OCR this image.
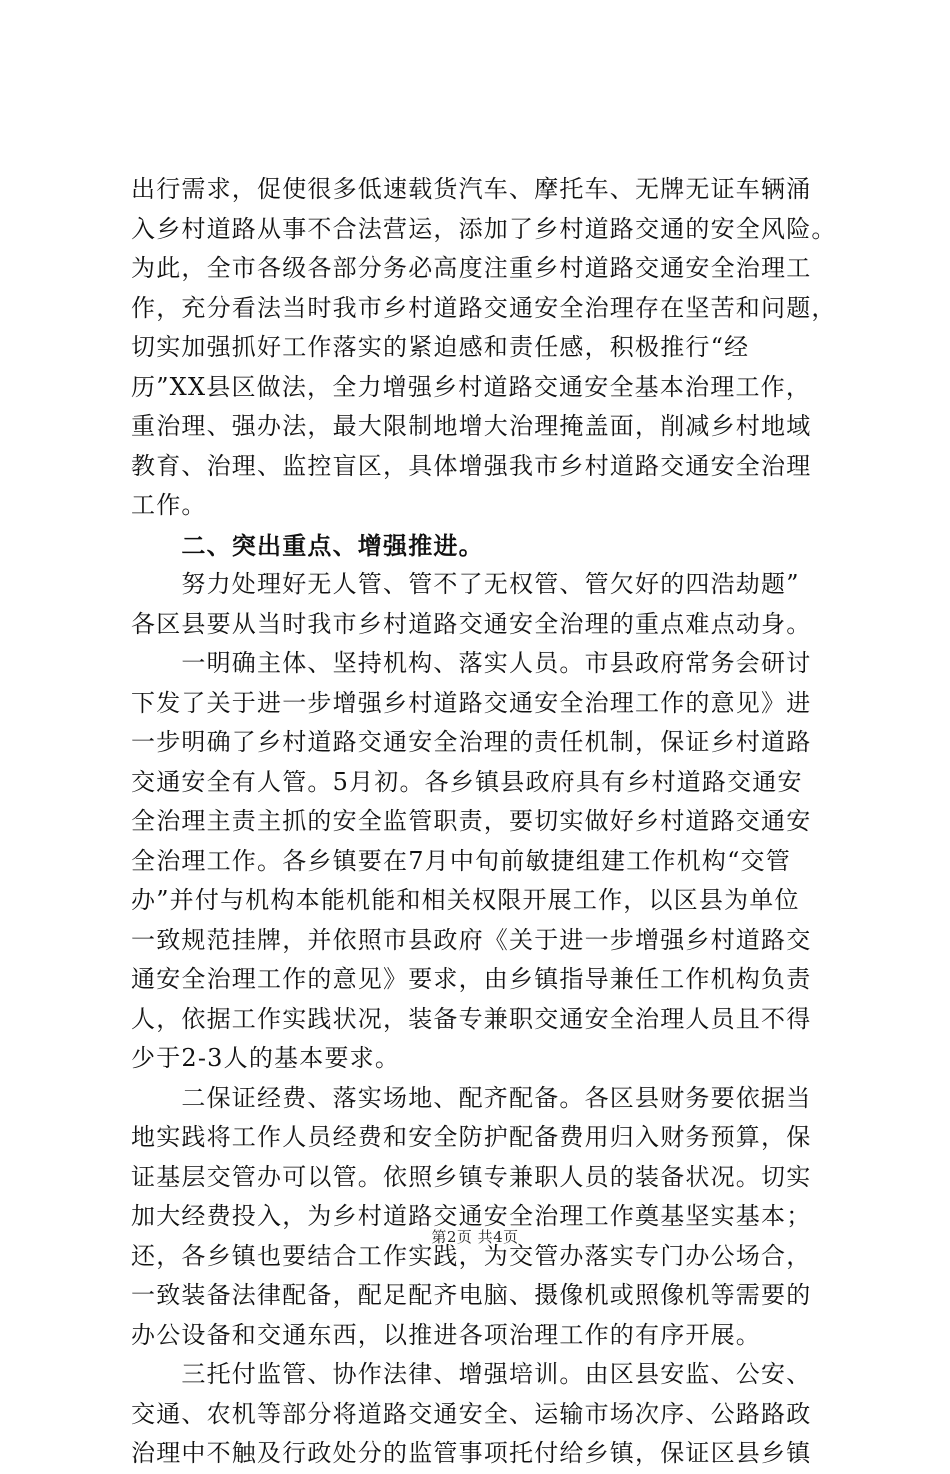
出行需求，促使很多低速载货汽车、摩托车、无牌无证车辆涌
入乡村道路从事不合法营运，添加了乡村道路交通的安全风险。
为此，全市各级各部分务必高度注重乡村道路交通安全治理工
作，充分看法当时我市乡村道路交通安全治理存在坚苦和问题，
切实加强抓好工作落实的紧迫感和责任感，积极推行“经
历”XX县区做法，全力增强乡村道路交通安全基本治理工作，
重治理、强办法，最大限制地增大治理掩盖面，削减乡村地域
教育、治理、监控盲区，具体增强我市乡村道路交通安全治理
工作。
　　二、突出重点、增强推进。
　　努力处理好无人管、管不了无权管、管欠好的四浩劫题”
各区县要从当时我市乡村道路交通安全治理的重点难点动身。
　　一明确主体、坚持机构、落实人员。市县政府常务会研讨
下发了关于进一步增强乡村道路交通安全治理工作的意见》进
一步明确了乡村道路交通安全治理的责任机制，保证乡村道路
交通安全有人管。5月初。各乡镇县政府具有乡村道路交通安
全治理主责主抓的安全监管职责，要切实做好乡村道路交通安
全治理工作。各乡镇要在7月中旬前敏捷组建工作机构“交管
办”并付与机构本能机能和相关权限开展工作，以区县为单位
一致规范挂牌，并依照市县政府《关于进一步增强乡村道路交
通安全治理工作的意见》要求，由乡镇指导兼任工作机构负责
人，依据工作实践状况，装备专兼职交通安全治理人员且不得
少于2-3人的基本要求。
　　二保证经费、落实场地、配齐配备。各区县财务要依据当
地实践将工作人员经费和安全防护配备费用归入财务预算，保
证基层交管办可以管。依照乡镇专兼职人员的装备状况。切实
加大经费投入，为乡村道路交通安全治理工作奠基坚实基本；
还，各乡镇也要结合工作实践，为交管办落实专门办公场合，
一致装备法律配备，配足配齐电脑、摄像机或照像机等需要的
办公设备和交通东西，以推进各项治理工作的有序开展。
　　三托付监管、协作法律、增强培训。由区县安监、公安、
交通、农机等部分将道路交通安全、运输市场次序、公路路政
治理中不触及行政处分的监管事项托付给乡镇，保证区县乡镇
第2页 共4页
